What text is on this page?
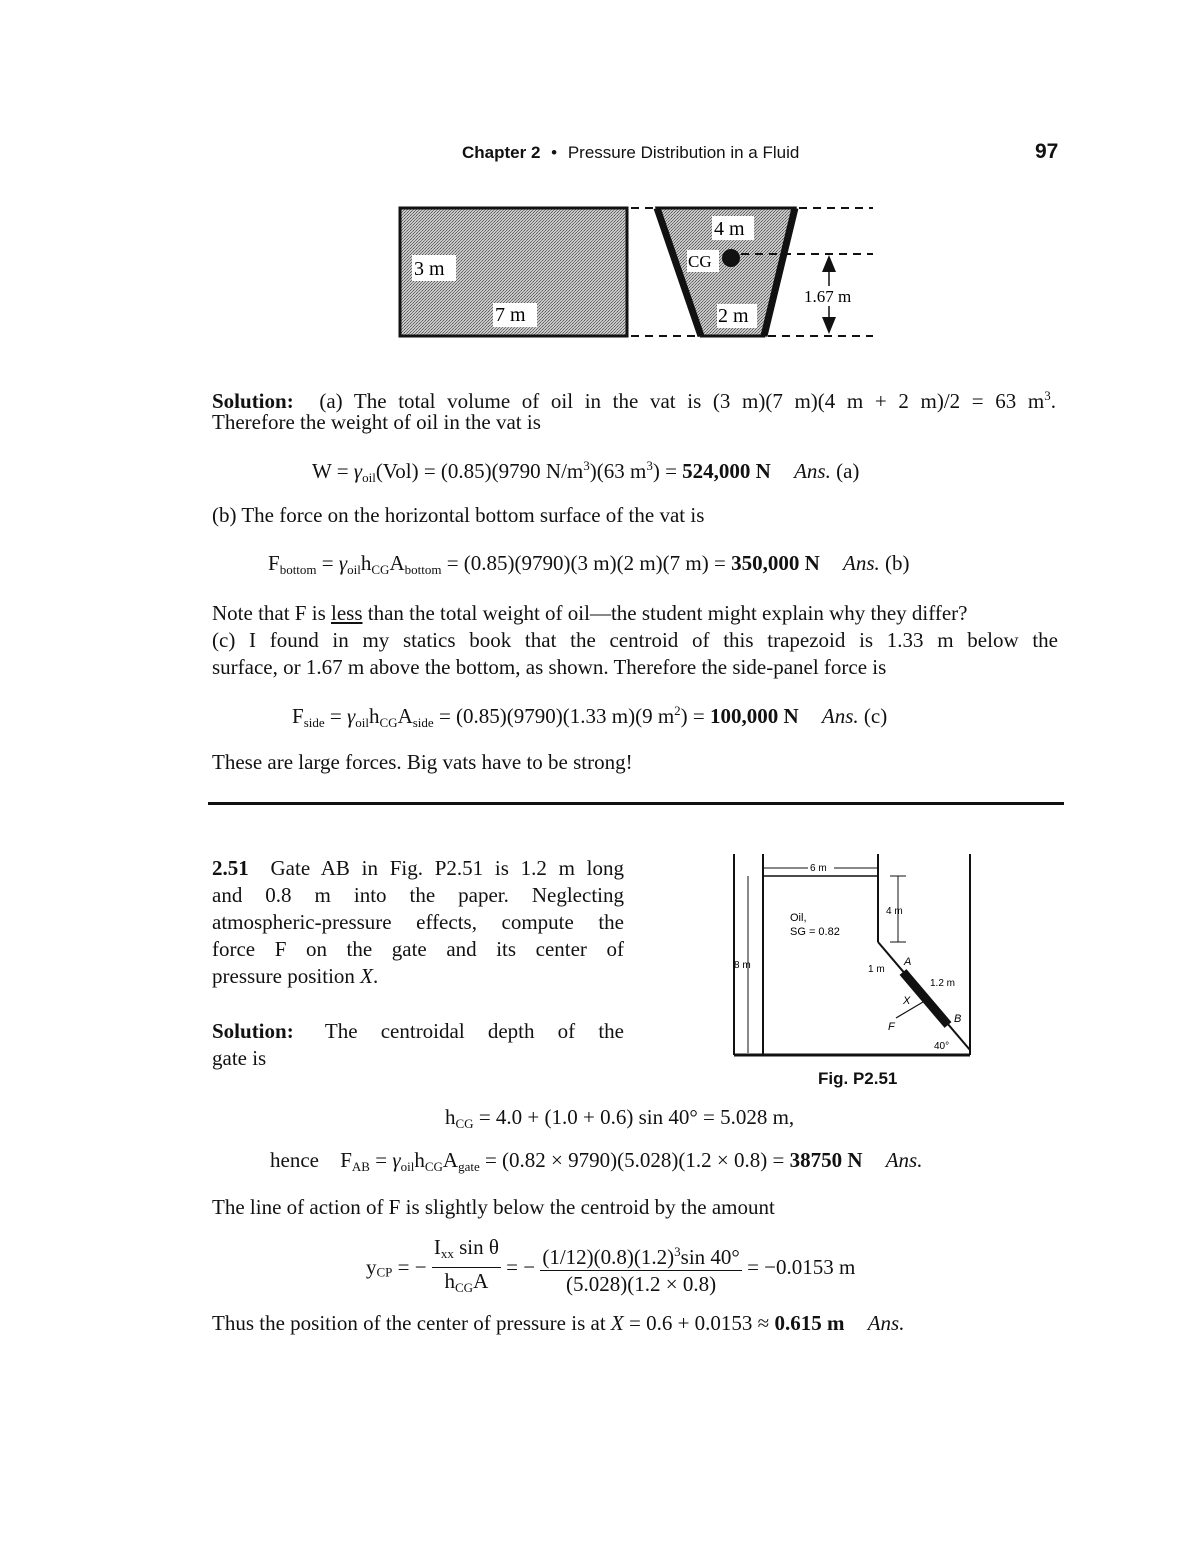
Chapter 2 • Pressure Distribution in a Fluid	97
3 m
7 m
4 m
CG
2 m
1.67 m
Solution: (a) The total volume of oil in the vat is (3 m)(7 m)(4 m + 2 m)/2 = 63 $m^3$.
Therefore the weight of oil in the vat is
$W = \gamma_{oil}(Vol) = (0.85)(9790$ $N/m^3)(63$ $m^3) = 524,000$ N Ans. (a)
(b) The force on the horizontal bottom surface of the vat is
$F_{bottom} = \gamma_{oil}h_{CG}A_{bottom} = (0.85)(9790)(3$ m)(2 m)(7 m) = 350,000 N Ans. (b)
Note that F is less than the total weight of oil—the student might explain why they differ?
(c) I found in my statics book that the centroid of this trapezoid is 1.33 m below the
surface, or 1.67 m above the bottom, as shown. Therefore the side-panel force is
$F_{side} = \gamma_{oil}h_{CG}A_{side} = (0.85)(9790)(1.33$ m)(9 $m^2) = 100,000$ N Ans. (c)
These are large forces. Big vats have to be strong!
2.51 Gate AB in Fig. P2.51 is 1.2 m long
and 0.8 m into the paper. Neglecting
atmospheric-pressure effects, compute the
force F on the gate and its center of
pressure position X.
Solution: The centroidal depth of the
gate is
6 m
4 m
8 m
Oil,
SG = 0.82
1 m
A
1.2 m
X
F
B
40°
Fig. P2.51
$h_{CG} = 4.0 + (1.0 + 0.6)$ sin 40° = 5.028 m,
hence $F_{AB} = \gamma_{oil}h_{CG}A_{gate} = (0.82 \times 9790)(5.028)(1.2 \times 0.8) = 38750$ N Ans.
The line of action of F is slightly below the centroid by the amount
$y_{CP}$ = − $\frac{I_{xx} \sin \theta}{h_{CG}A}$ = − $\frac{(1/12)(0.8)(1.2)^3\sin 40^\circ}{(5.028)(1.2 \times 0.8)} = -0.0153$ m
Thus the position of the center of pressure is at X = 0.6 + 0.0153 ≈ 0.615 m Ans.
